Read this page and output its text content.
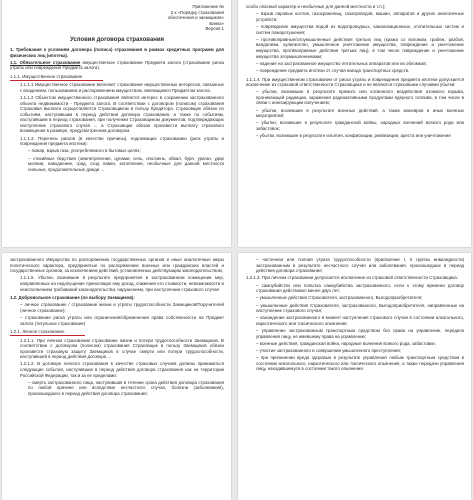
Приложение №

2 к «Порядку страхования

обеспечения и заемщиков»

Банка»

Версия 1

Условия договора страхования

1. Требования к условиям договора (полиса) страхования в рамках кредитных программ для физических лиц (ипотека).

1.1. Обязательное страхование имущественное страхование Предмета залога (страхование риска утраты или повреждения Предмета залога).

1.1.1. Имущественное страхование.

1.1.1.1 Имущественное страхование включает страхование имущественных интересов, связанных с владением, пользованием и распоряжением имуществом, являющимся Предметом залога.

1.1.1.2 Объектом имущественного страхования является интерес в сохранении застрахованного объекта недвижимости - Предмета залога. В соответствии с договором (полисом) страхования Страховая выплата осуществляется Страховщиком в пользу Кредитора. Страховщик обязан по событиям, наступившим в период действия договора страхования, а также по событиям, наступившим в период страхования, при получении Страховщиком документов, подтверждающих наступление страхового случая ... а Страховщик обязан произвести выплату страхового возмещения в размере, предусмотренном договором.

1.1.1.3. Перечень рисков (в качестве причины), подлежащих страхованию (риск утраты и повреждения предмета ипотеки):

– пожар, взрыв газа, употребляемого в бытовых целях;

– стихийные бедствия (землетрясение, цунами, сель, оползень, обвал, буря, ураган, удар молнии, наводнение, град, сход лавин, затопление, необычные для данной местности сильные, продолжительные дожди ...

особо опасный характер и необычные для данной местности и т.п.);

– взрыв паровых котлов, газохранилищ, газопроводов, машин, аппаратов и других аналогичных устройств;

– повреждение имущества водой из водопроводных, канализационных, отопительных систем и систем пожаротушения;

– противоправные/злоумышленные действия третьих лиц (кража со взломом, грабеж, разбой, вандализм, хулиганство, умышленное уничтожение имущества, повреждение и уничтожение имущества, противоправные действия третьих лиц), в том числе повреждение и уничтожение имущества злоумышленниками;

– падение на застрахованное имущество летательных аппаратов или их обломков;

– повреждение предмета ипотеки от случая наезда транспортных средств.

1.1.1.4. При имущественном страховании от риска утраты и повреждения предмета ипотеки допускается исключение из страховой ответственности Страховщика и не являются страховыми случаями убытки:

– убытки, возникшие в результате прямого или косвенного воздействия атомного взрыва, проникающей радиации, заражения радиоактивными продуктами ядерного топлива, в том числе в связи с ионизирующим излучением;

– убытки, возникшие в результате военных действий, а также маневров и иных военных мероприятий;

– убытки, возникшие в результате гражданской войны, народных волнений всякого рода или забастовок;

– убытки, возникшие в результате изъятия, конфискации, реквизиции, ареста или уничтожения

застрахованного Имущества по распоряжению государственных органов и иные аналогичные меры политического характера, предпринятые по распоряжению военных или гражданских властей и государственных органов, за исключением действий, установленных действующим законодательством;

1.1.1.5. Убытки, возникшие в результате предпринятия в застрахованном помещении мер, направленных на недопущение приносящих ему доход, снижения его стоимости, невозможности и неисполнением требований законодательства, нарушением, при наступлении страхового случая

1.2. Добровольное страхование (по выбору Заемщиков):

– личное страхование / страхование жизни и утраты трудоспособности Заемщиков/Поручителей (личное страхование);

– страхование риска утраты или ограничения/обременения права собственности на Предмет залога (титульное страхование)

1.2.1. Личное страхование.

1.2.1.1. При личном страховании страхование жизни и потери трудоспособности Заемщиков. В соответствии с договором (полисом) страхования Страховщик в пользу Заемщиков обязан произвести страховую защиту Заемщиков в случае смерти или потери трудоспособности, наступившей в период действия договора ...

1.2.1.2. В договоре личного страхования в качестве страховых случаев должны приниматься следующие события, наступившие в период действия договора страхования как на территории Российской Федерации, так и за ее пределами:

– смерть застрахованного лица, наступившая в течение срока действия договора страхования по любой причине или вследствие несчастного случая, болезни (заболевания), произошедшего в период действия договора страхования;

– частичная или полная утрата трудоспособности (присвоение I, II группы инвалидности) застрахованным в результате несчастного случая или заболевания, произошедших в период действия договора страхования;

1.2.1.3. При личном страховании допускается исключение из страховой ответственности Страховщика:

– самоубийство или попытка самоубийства застрахованного, если к этому времени договор страхования действовал менее двух лет;

– умышленные действия Страхователя, застрахованного, Выгодоприобретателя;

– умышленные действия Страхователя, застрахованного, Выгодоприобретателя, направленные на наступление страхового случая;

– нахождение застрахованного в момент наступления страхового случая в состоянии алкогольного, наркотического или токсического опьянения;

– управление застрахованным транспортным средством без права на управление, передача управления лицу, не имевшему права на управление;

– военные действия, гражданская война, народные волнения всякого рода, забастовки;

– участие застрахованного в совершении умышленного преступления;

– при причинении вреда здоровью в результате управления любым транспортным средством в состоянии алкогольного, наркотического или токсического опьянения, а также передачи управления лицу, находившемуся в состоянии такого опьянения.
